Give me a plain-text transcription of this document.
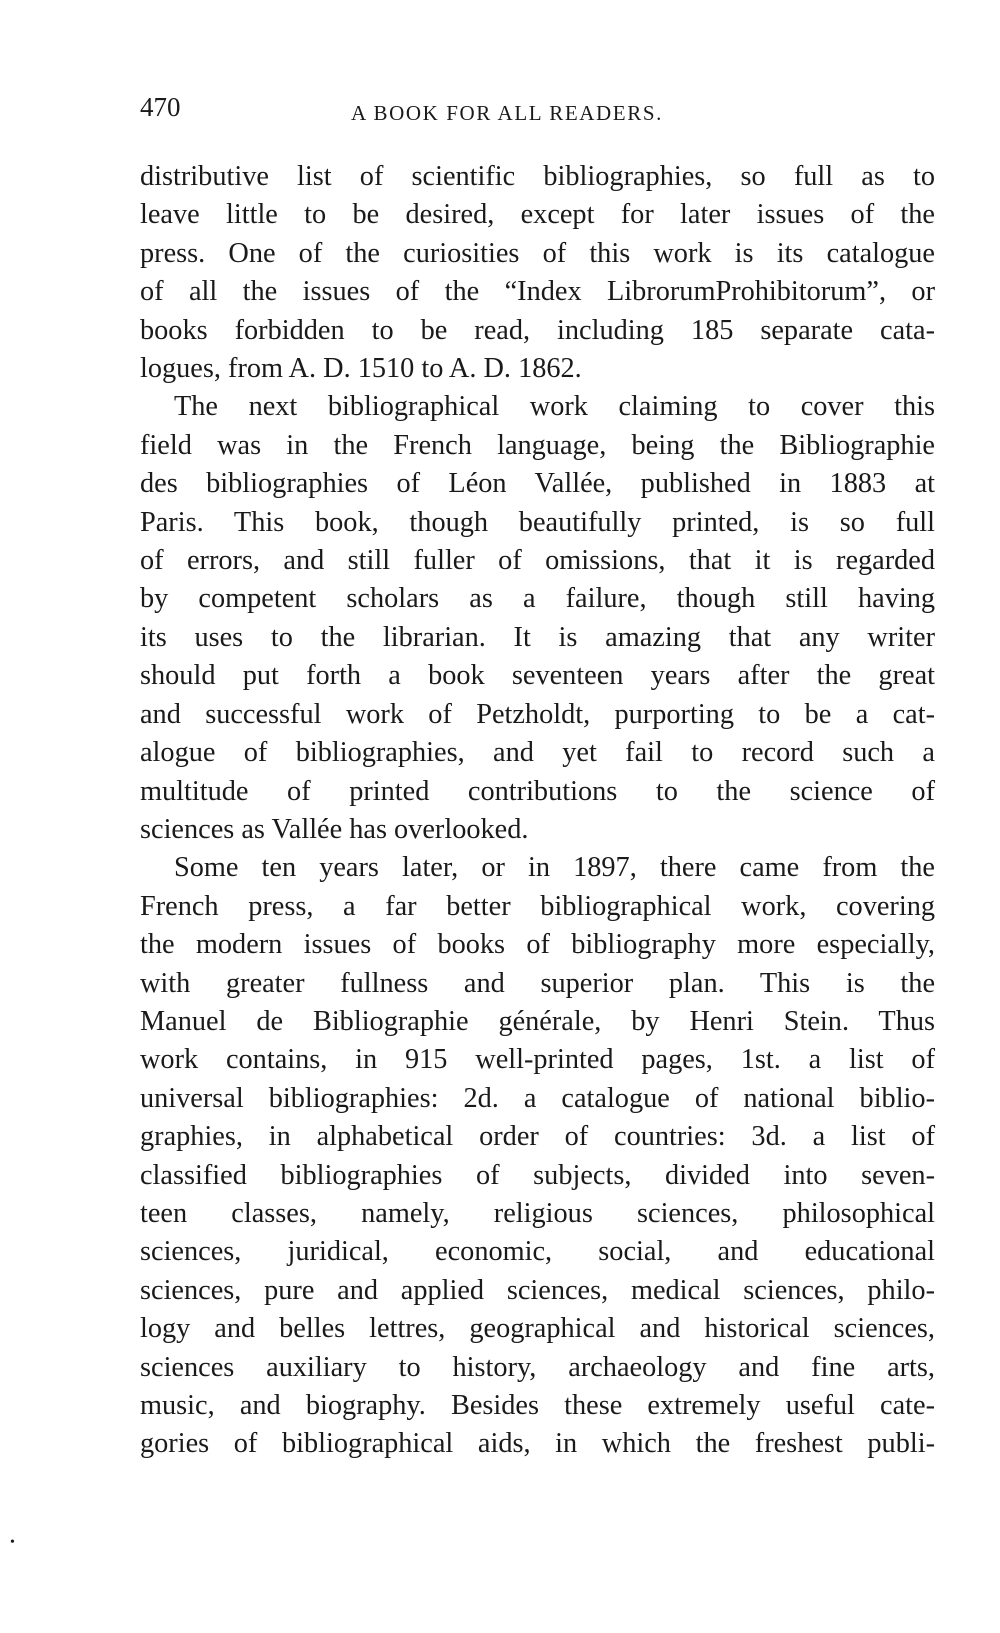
470	A BOOK FOR ALL READERS.
distributive list of scientific bibliographies, so full as to
leave little to be desired, except for later issues of the
press. One of the curiosities of this work is its catalogue
of all the issues of the “Index LibrorumProhibitorum”, or
books forbidden to be read, including 185 separate cata-
logues, from A. D. 1510 to A. D. 1862.
The next bibliographical work claiming to cover this
field was in the French language, being the Bibliographie
des bibliographies of Léon Vallée, published in 1883 at
Paris. This book, though beautifully printed, is so full
of errors, and still fuller of omissions, that it is regarded
by competent scholars as a failure, though still having
its uses to the librarian. It is amazing that any writer
should put forth a book seventeen years after the great
and successful work of Petzholdt, purporting to be a cat-
alogue of bibliographies, and yet fail to record such a
multitude of printed contributions to the science of
sciences as Vallée has overlooked.
Some ten years later, or in 1897, there came from the
French press, a far better bibliographical work, covering
the modern issues of books of bibliography more especially,
with greater fullness and superior plan. This is the
Manuel de Bibliographie générale, by Henri Stein. Thus
work contains, in 915 well-printed pages, 1st. a list of
universal bibliographies: 2d. a catalogue of national biblio-
graphies, in alphabetical order of countries: 3d. a list of
classified bibliographies of subjects, divided into seven-
teen classes, namely, religious sciences, philosophical
sciences, juridical, economic, social, and educational
sciences, pure and applied sciences, medical sciences, philo-
logy and belles lettres, geographical and historical sciences,
sciences auxiliary to history, archaeology and fine arts,
music, and biography. Besides these extremely useful cate-
gories of bibliographical aids, in which the freshest publi-
•
